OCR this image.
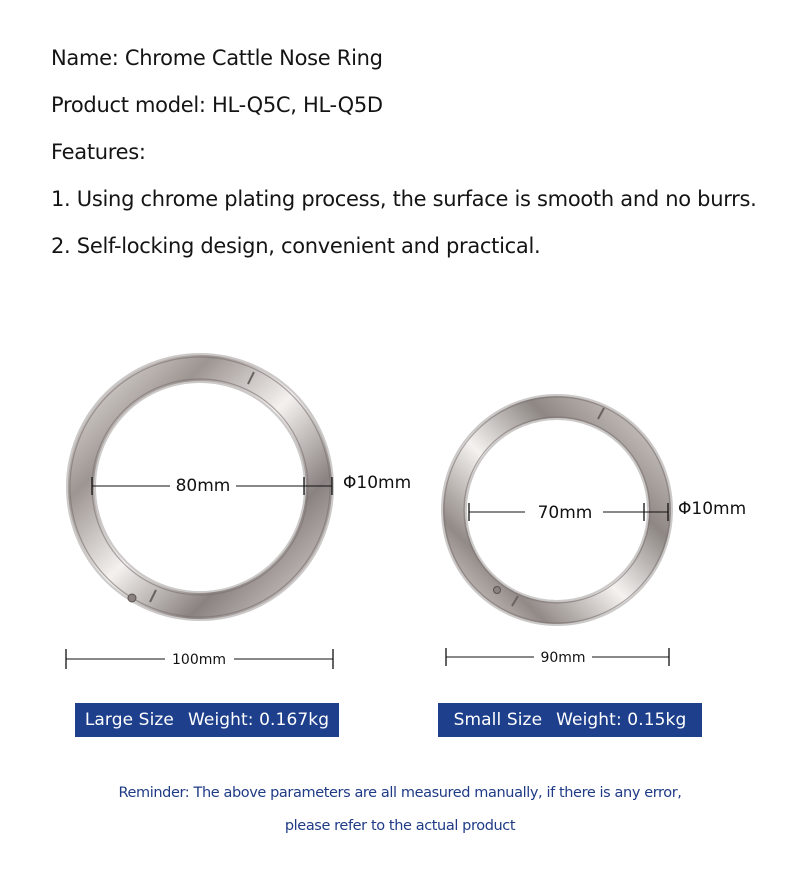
Name: Chrome Cattle Nose Ring
Product model: HL-Q5C, HL-Q5D
Features:
1. Using chrome plating process, the surface is smooth and no burrs.
2. Self-locking design, convenient and practical.
80mm	Φ10mm
100mm
70mm	Φ10mm
90mm
Large Size Weight: 0.167kg	Small Size Weight: 0.15kg
Reminder: The above parameters are all measured manually, if there is any error,
please refer to the actual product
